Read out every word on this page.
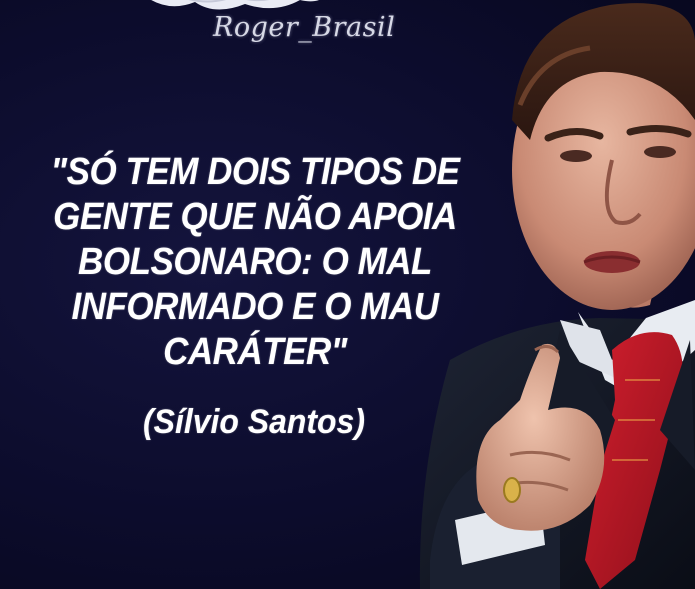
Roger_Brasil
"SÓ TEM DOIS TIPOS DE
GENTE QUE NÃO APOIA
BOLSONARO: O MAL
INFORMADO E O MAU
CARÁTER"
(Sílvio Santos)
